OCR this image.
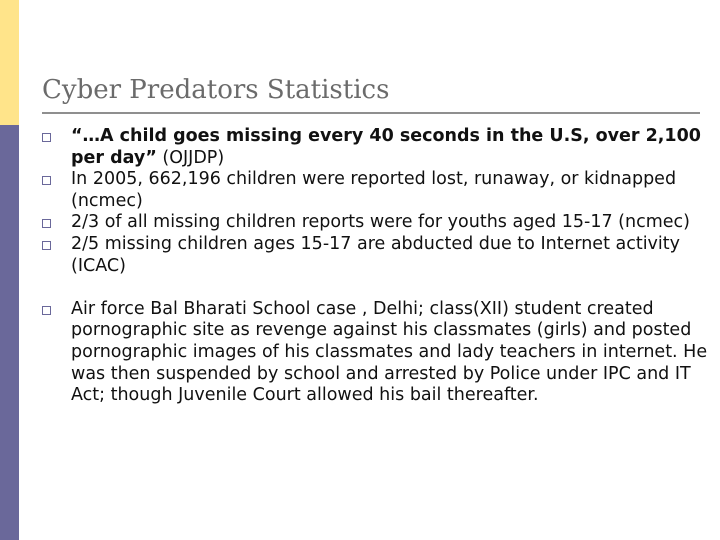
Cyber Predators Statistics
“…A child goes missing every 40 seconds in the U.S, over 2,100 per day” (OJJDP)
In 2005, 662,196 children were reported lost, runaway, or kidnapped (ncmec)
2/3 of all missing children reports were for youths aged 15-17 (ncmec)
2/5 missing children ages 15-17 are abducted due to Internet activity (ICAC)
Air force Bal Bharati School case , Delhi; class(XII) student created pornographic site as revenge against his classmates (girls) and posted pornographic images of his classmates and lady teachers in internet. He was then suspended by school and arrested by Police under IPC and IT Act; though Juvenile Court allowed his bail thereafter.
